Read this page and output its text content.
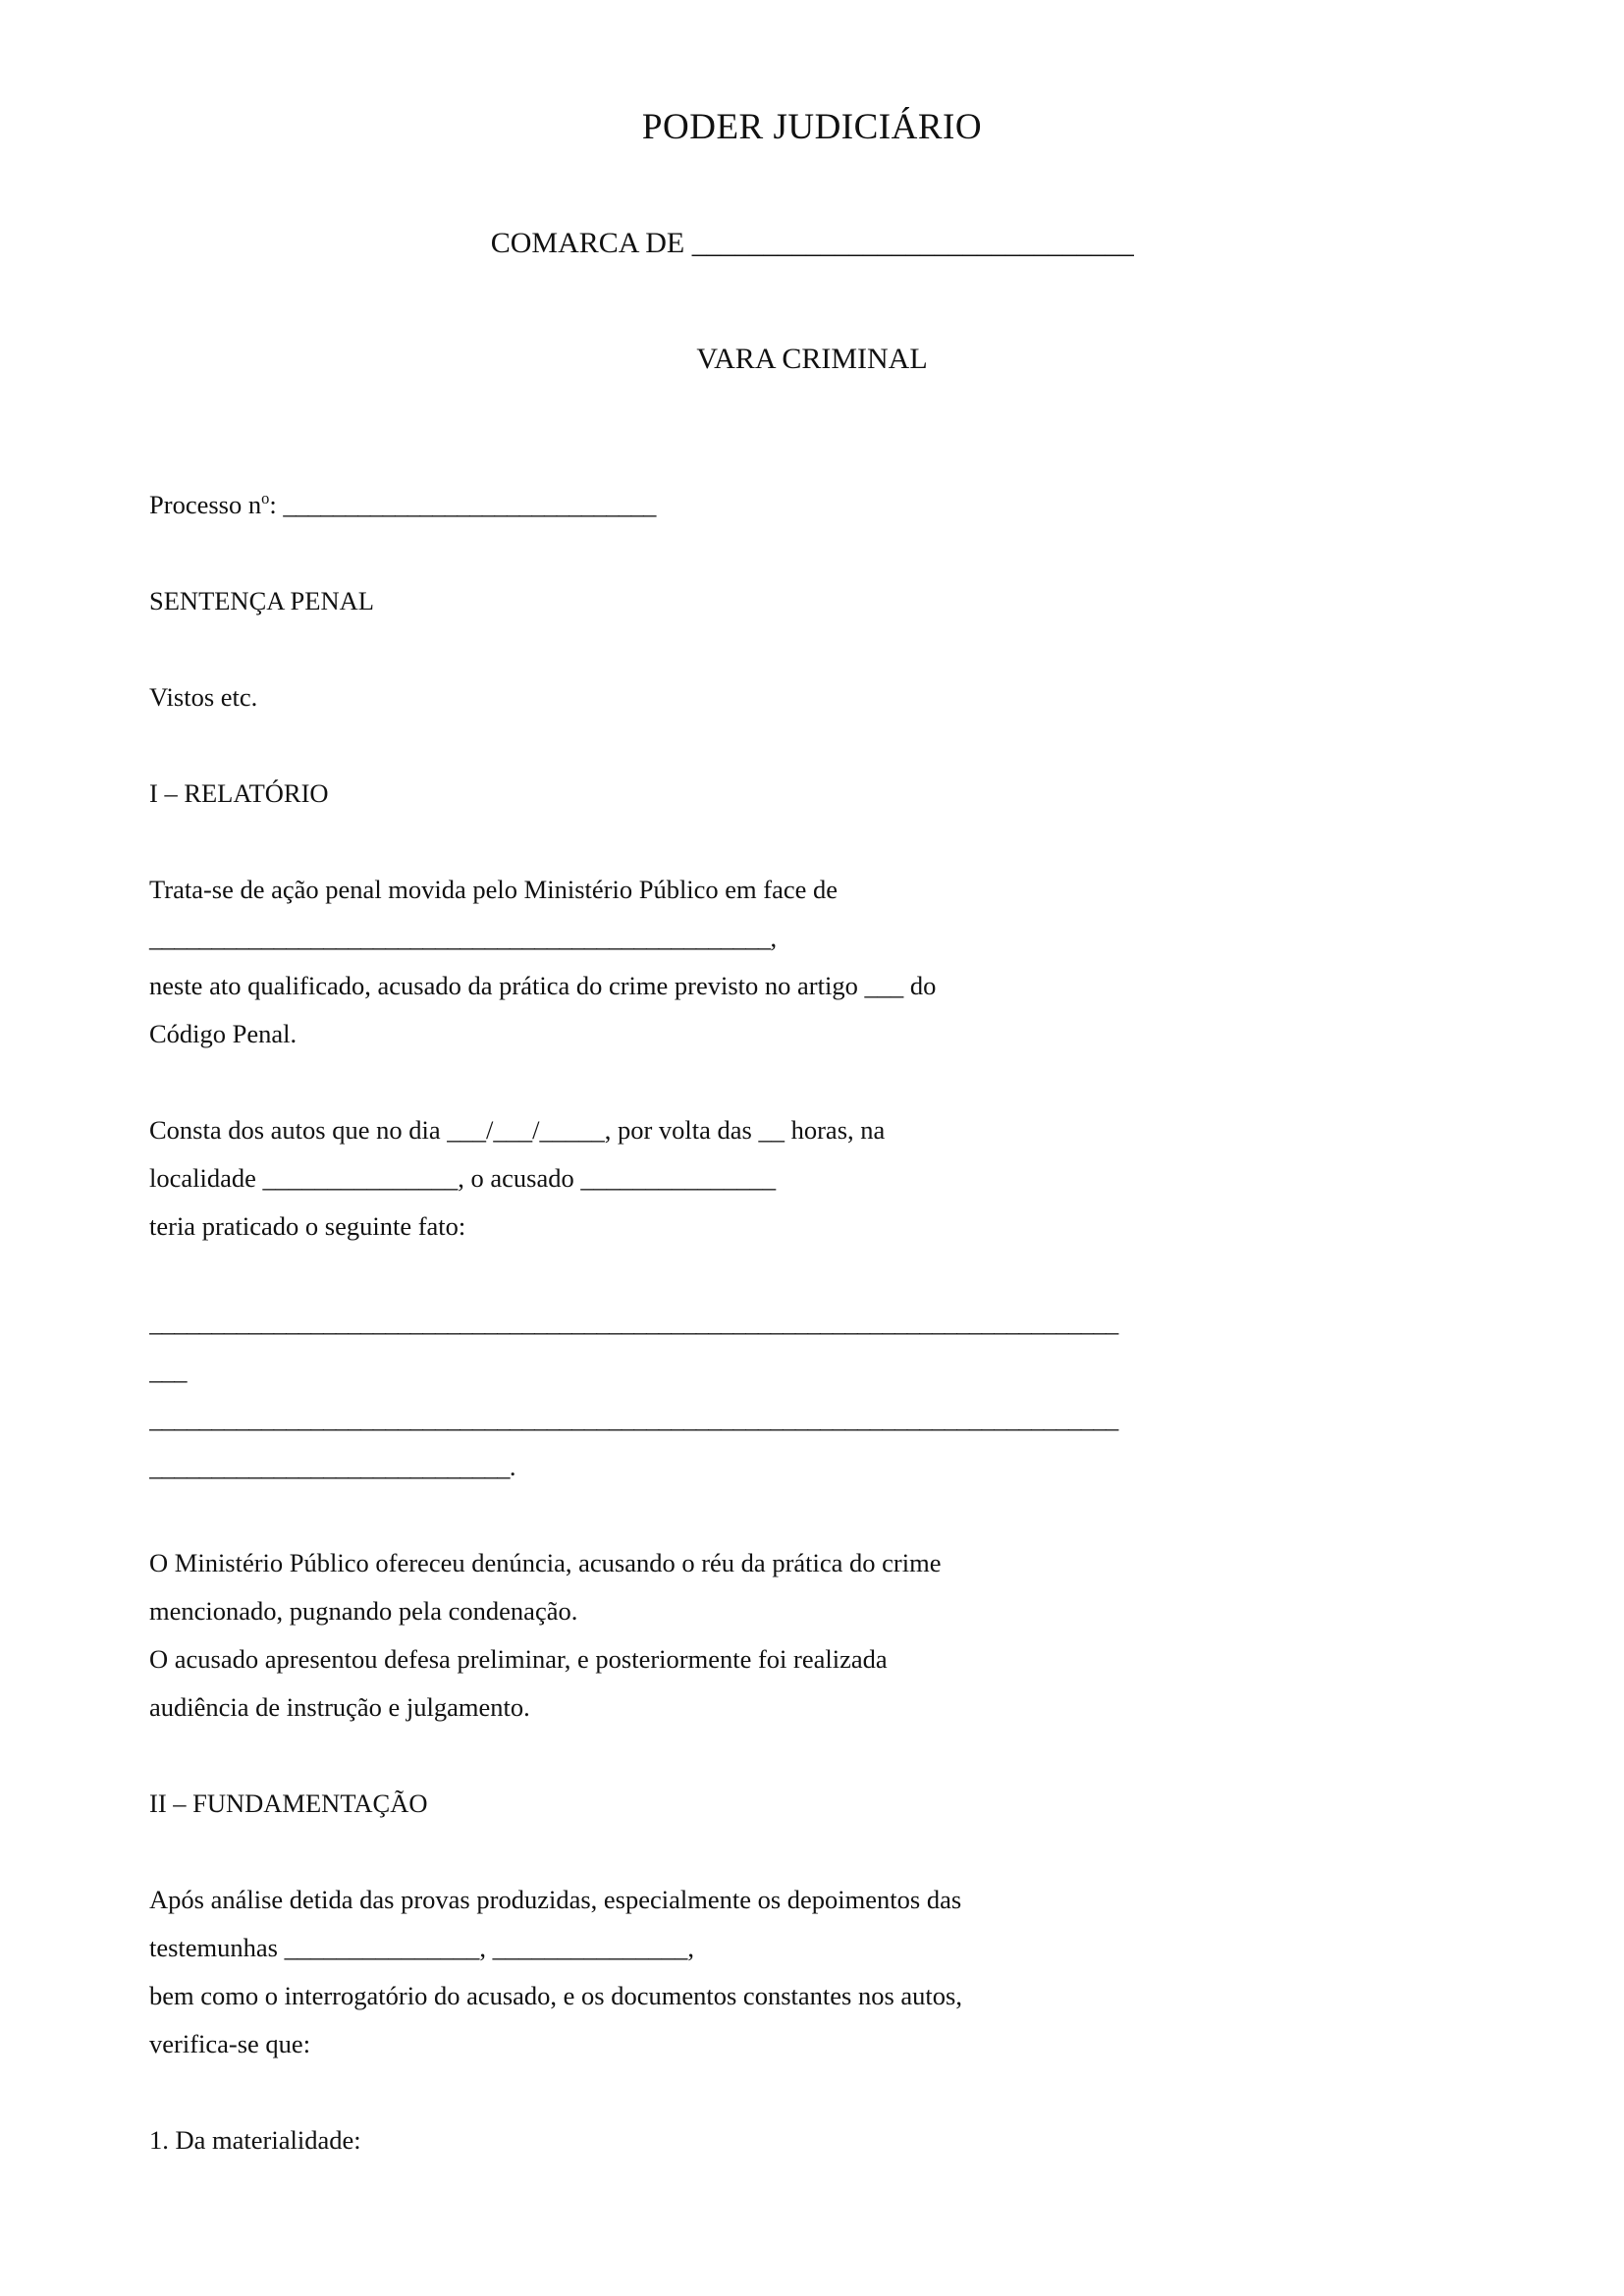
PODER JUDICIÁRIO
COMARCA DE _______________________________
VARA CRIMINAL
Processo $n^o$: ______________________________
SENTENÇA PENAL
Vistos etc.
I – RELATÓRIO
Trata-se de ação penal movida pelo Ministério Público em face de
__________________________________________________,
neste ato qualificado, acusado da prática do crime previsto no artigo ___ do
Código Penal.
Consta dos autos que no dia ___/___/_____, por volta das __ horas, na
localidade _______________, o acusado _______________
teria praticado o seguinte fato:
______________________________________________________________________________
___
______________________________________________________________________________
_____________________________.
O Ministério Público ofereceu denúncia, acusando o réu da prática do crime
mencionado, pugnando pela condenação.
O acusado apresentou defesa preliminar, e posteriormente foi realizada
audiência de instrução e julgamento.
II – FUNDAMENTAÇÃO
Após análise detida das provas produzidas, especialmente os depoimentos das
testemunhas _______________, _______________,
bem como o interrogatório do acusado, e os documentos constantes nos autos,
verifica-se que:
1. Da materialidade:
